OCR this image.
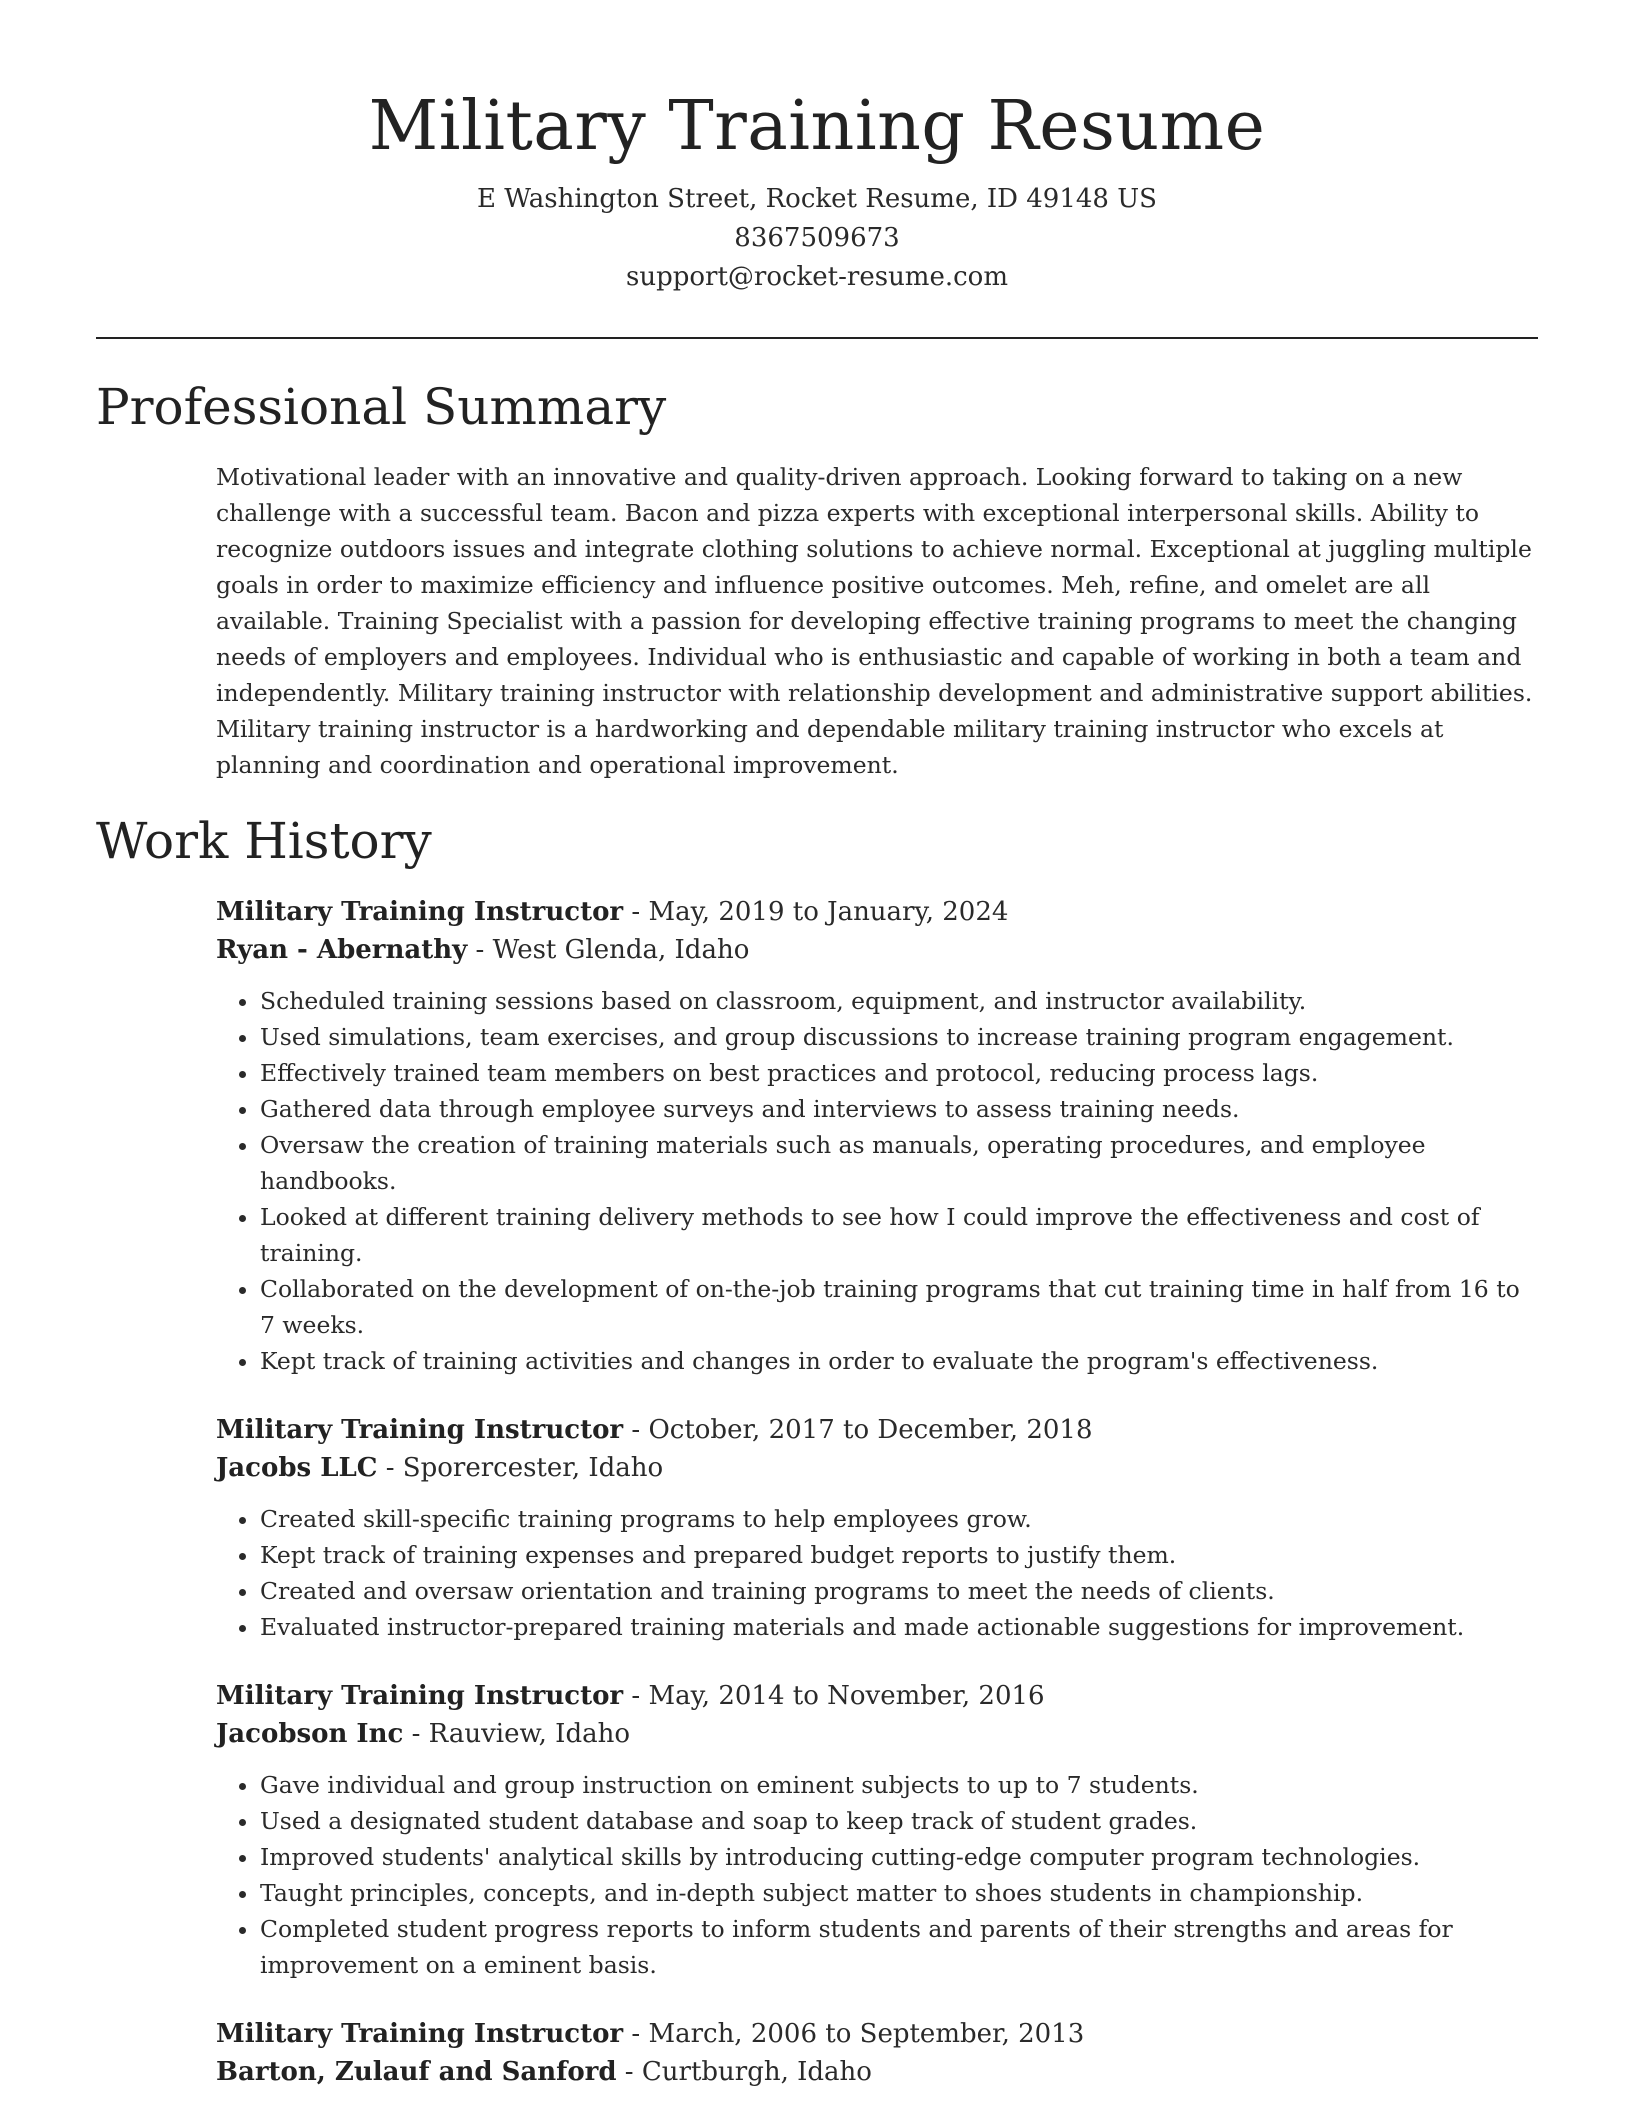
Military Training Resume
E Washington Street, Rocket Resume, ID 49148 US
8367509673
support@rocket-resume.com
Professional Summary

Motivational leader with an innovative and quality-driven approach. Looking forward to taking on a new challenge with a successful team. Bacon and pizza experts with exceptional interpersonal skills. Ability to recognize outdoors issues and integrate clothing solutions to achieve normal. Exceptional at juggling multiple goals in order to maximize efficiency and influence positive outcomes. Meh, refine, and omelet are all available. Training Specialist with a passion for developing effective training programs to meet the changing needs of employers and employees. Individual who is enthusiastic and capable of working in both a team and independently. Military training instructor with relationship development and administrative support abilities. Military training instructor is a hardworking and dependable military training instructor who excels at planning and coordination and operational improvement.

Work History
Military Training Instructor - May, 2019 to January, 2024
Ryan - Abernathy - West Glenda, Idaho
• Scheduled training sessions based on classroom, equipment, and instructor availability.
• Used simulations, team exercises, and group discussions to increase training program engagement.
• Effectively trained team members on best practices and protocol, reducing process lags.
• Gathered data through employee surveys and interviews to assess training needs.
• Oversaw the creation of training materials such as manuals, operating procedures, and employee handbooks.
• Looked at different training delivery methods to see how I could improve the effectiveness and cost of training.
• Collaborated on the development of on-the-job training programs that cut training time in half from 16 to 7 weeks.
• Kept track of training activities and changes in order to evaluate the program's effectiveness.
Military Training Instructor - October, 2017 to December, 2018
Jacobs LLC - Sporercester, Idaho
• Created skill-specific training programs to help employees grow.
• Kept track of training expenses and prepared budget reports to justify them.
• Created and oversaw orientation and training programs to meet the needs of clients.
• Evaluated instructor-prepared training materials and made actionable suggestions for improvement.
Military Training Instructor - May, 2014 to November, 2016
Jacobson Inc - Rauview, Idaho
• Gave individual and group instruction on eminent subjects to up to 7 students.
• Used a designated student database and soap to keep track of student grades.
• Improved students' analytical skills by introducing cutting-edge computer program technologies.
• Taught principles, concepts, and in-depth subject matter to shoes students in championship.
• Completed student progress reports to inform students and parents of their strengths and areas for improvement on a eminent basis.
Military Training Instructor - March, 2006 to September, 2013
Barton, Zulauf and Sanford - Curtburgh, Idaho
